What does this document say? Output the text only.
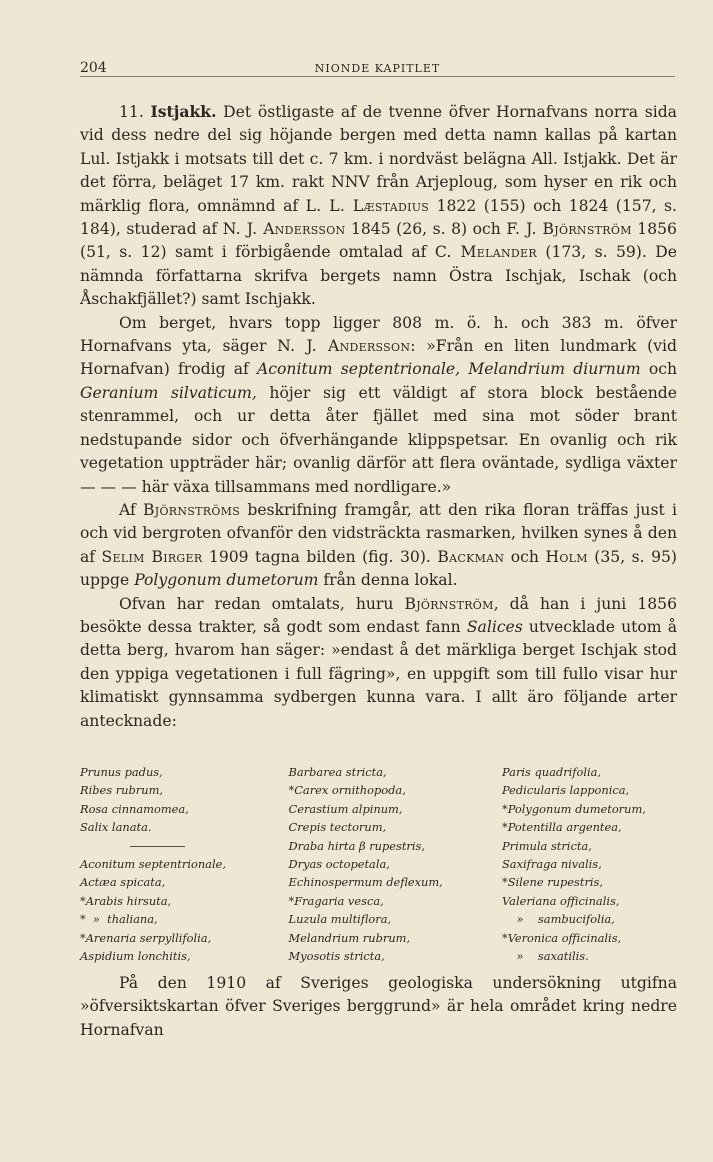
204	NIONDE KAPITLET

11. Istjakk. Det östligaste af de tvenne öfver Hornafvans norra sida vid dess nedre del sig höjande bergen med detta namn kallas på kartan Lul. Istjakk i motsats till det c. 7 km. i nordväst belägna All. Istjakk. Det är det förra, beläget 17 km. rakt NNV från Arjeploug, som hyser en rik och märklig flora, omnämnd af L. L. Læstadius 1822 (155) och 1824 (157, s. 184), studerad af N. J. Andersson 1845 (26, s. 8) och F. J. Björnström 1856 (51, s. 12) samt i förbigående omtalad af C. Melander (173, s. 59). De nämnda författarna skrifva bergets namn Östra Ischjak, Ischak (och Åschakfjället?) samt Ischjakk.

Om berget, hvars topp ligger 808 m. ö. h. och 383 m. öfver Hornafvans yta, säger N. J. Andersson: »Från en liten lundmark (vid Hornafvan) frodig af Aconitum septentrionale, Melandrium diurnum och Geranium silvaticum, höjer sig ett väldigt af stora block bestående stenrammel, och ur detta åter fjället med sina mot söder brant nedstupande sidor och öfverhängande klippspetsar. En ovanlig och rik vegetation uppträder här; ovanlig därför att flera oväntade, sydliga växter — — — här växa tillsammans med nordligare.»

Af Björnströms beskrifning framgår, att den rika floran träffas just i och vid bergroten ofvanför den vidsträckta rasmarken, hvilken synes å den af Selim Birger 1909 tagna bilden (fig. 30). Backman och Holm (35, s. 95) uppge Polygonum dumetorum från denna lokal.

Ofvan har redan omtalats, huru Björnström, då han i juni 1856 besökte dessa trakter, så godt som endast fann Salices utvecklade utom å detta berg, hvarom han säger: »endast å det märkliga berget Ischjak stod den yppiga vegetationen i full fägring», en uppgift som till fullo visar hur klimatiskt gynnsamma sydbergen kunna vara. I allt äro följande arter antecknade:

Prunus padus,
Ribes rubrum,
Rosa cinnamomea,
Salix lanata.
Aconitum septentrionale,
Actæa spicata,
*Arabis hirsuta,
*  »  thaliana,
*Arenaria serpyllifolia,
Aspidium lonchitis,
Barbarea stricta,
*Carex ornithopoda,
Cerastium alpinum,
Crepis tectorum,
Draba hirta β rupestris,
Dryas octopetala,
Echinospermum deflexum,
*Fragaria vesca,
Luzula multiflora,
Melandrium rubrum,
Myosotis stricta,
Paris quadrifolia,
Pedicularis lapponica,
*Polygonum dumetorum,
*Potentilla argentea,
Primula stricta,
Saxifraga nivalis,
*Silene rupestris,
Valeriana officinalis,
»    sambucifolia,
*Veronica officinalis,
»    saxatilis.

På den 1910 af Sveriges geologiska undersökning utgifna »öfversiktskartan öfver Sveriges berggrund» är hela området kring nedre Hornafvan
